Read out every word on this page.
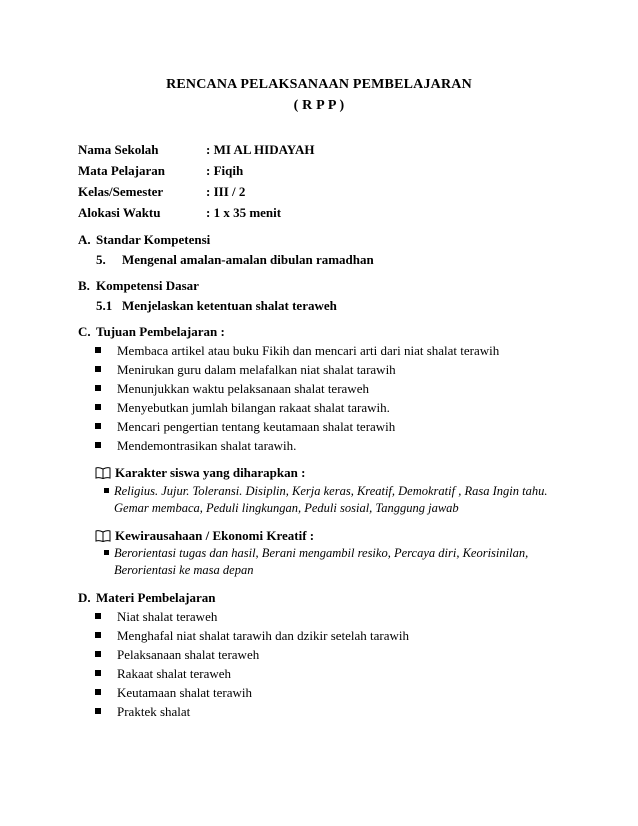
RENCANA PELAKSANAAN PEMBELAJARAN
( R P P )
Nama Sekolah	: MI AL HIDAYAH
Mata Pelajaran	: Fiqih
Kelas/Semester	: III / 2
Alokasi Waktu	: 1 x 35 menit
A. Standar Kompetensi
5. Mengenal amalan-amalan dibulan ramadhan
B. Kompetensi Dasar
5.1 Menjelaskan ketentuan shalat teraweh
C. Tujuan Pembelajaran :
Membaca artikel atau buku Fikih dan mencari arti dari niat shalat terawih
Menirukan guru dalam melafalkan niat shalat tarawih
Menunjukkan waktu pelaksanaan shalat teraweh
Menyebutkan jumlah bilangan rakaat shalat tarawih.
Mencari pengertian tentang keutamaan shalat terawih
Mendemontrasikan shalat tarawih.
Karakter siswa yang diharapkan :
Religius. Jujur. Toleransi. Disiplin, Kerja keras, Kreatif, Demokratif , Rasa Ingin tahu.
Gemar membaca, Peduli lingkungan, Peduli sosial, Tanggung jawab
Kewirausahaan / Ekonomi Kreatif :
Berorientasi tugas dan hasil, Berani mengambil resiko, Percaya diri, Keorisinilan,
Berorientasi ke masa depan
D. Materi Pembelajaran
Niat shalat teraweh
Menghafal niat shalat tarawih dan dzikir setelah tarawih
Pelaksanaan shalat teraweh
Rakaat shalat teraweh
Keutamaan shalat terawih
Praktek shalat
